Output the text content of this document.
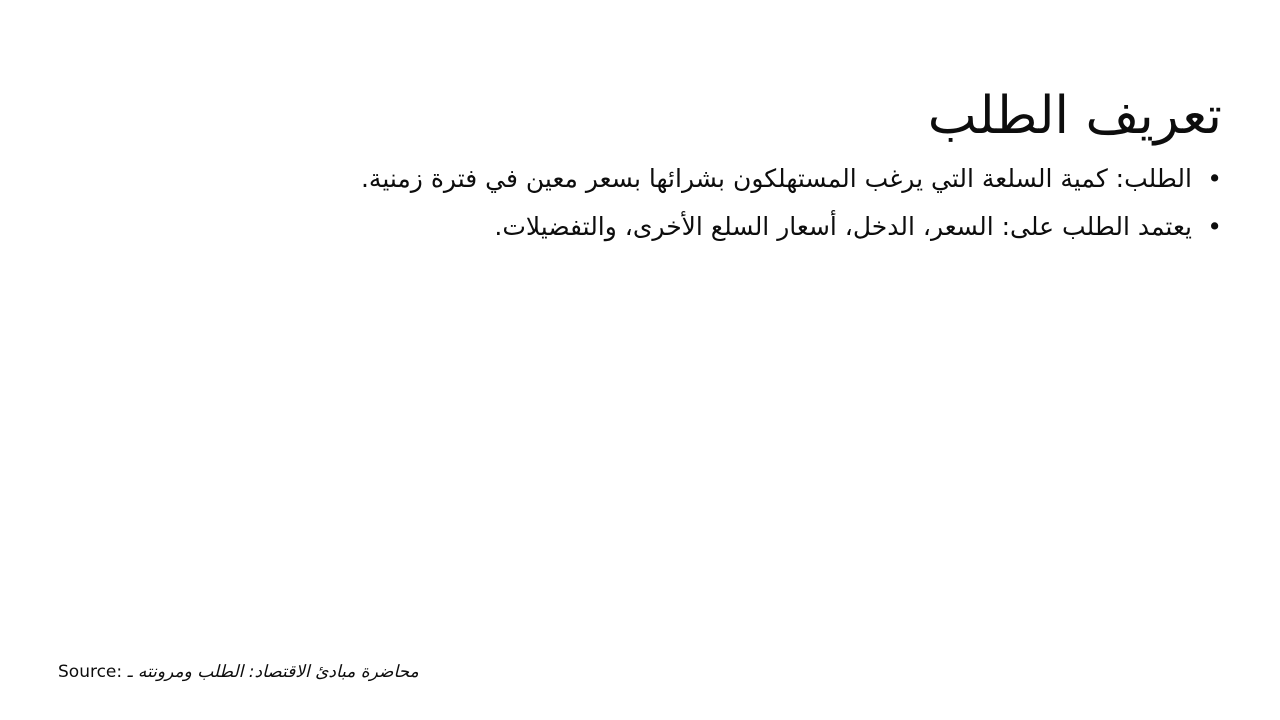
تعريف الطلب
• الطلب: كمية السلعة التي يرغب المستهلكون بشرائها بسعر معين في فترة زمنية.
• يعتمد الطلب على: السعر، الدخل، أسعار السلع الأخرى، والتفضيلات.
Source: محاضرة مبادئ الاقتصاد: الطلب ومرونته ـ
